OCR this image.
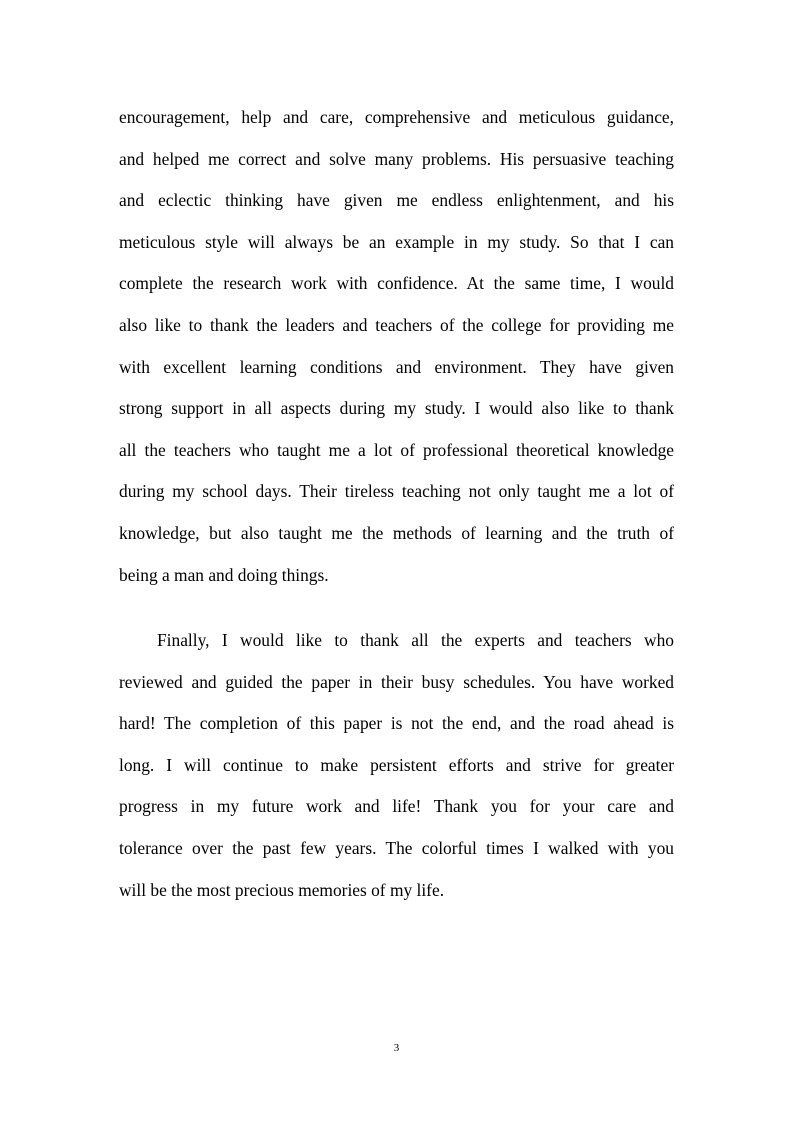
encouragement, help and care, comprehensive and meticulous guidance,
and helped me correct and solve many problems. His persuasive teaching
and eclectic thinking have given me endless enlightenment, and his
meticulous style will always be an example in my study. So that I can
complete the research work with confidence. At the same time, I would
also like to thank the leaders and teachers of the college for providing me
with excellent learning conditions and environment. They have given
strong support in all aspects during my study. I would also like to thank
all the teachers who taught me a lot of professional theoretical knowledge
during my school days. Their tireless teaching not only taught me a lot of
knowledge, but also taught me the methods of learning and the truth of
being a man and doing things.
Finally, I would like to thank all the experts and teachers who
reviewed and guided the paper in their busy schedules. You have worked
hard! The completion of this paper is not the end, and the road ahead is
long. I will continue to make persistent efforts and strive for greater
progress in my future work and life! Thank you for your care and
tolerance over the past few years. The colorful times I walked with you
will be the most precious memories of my life.
3
